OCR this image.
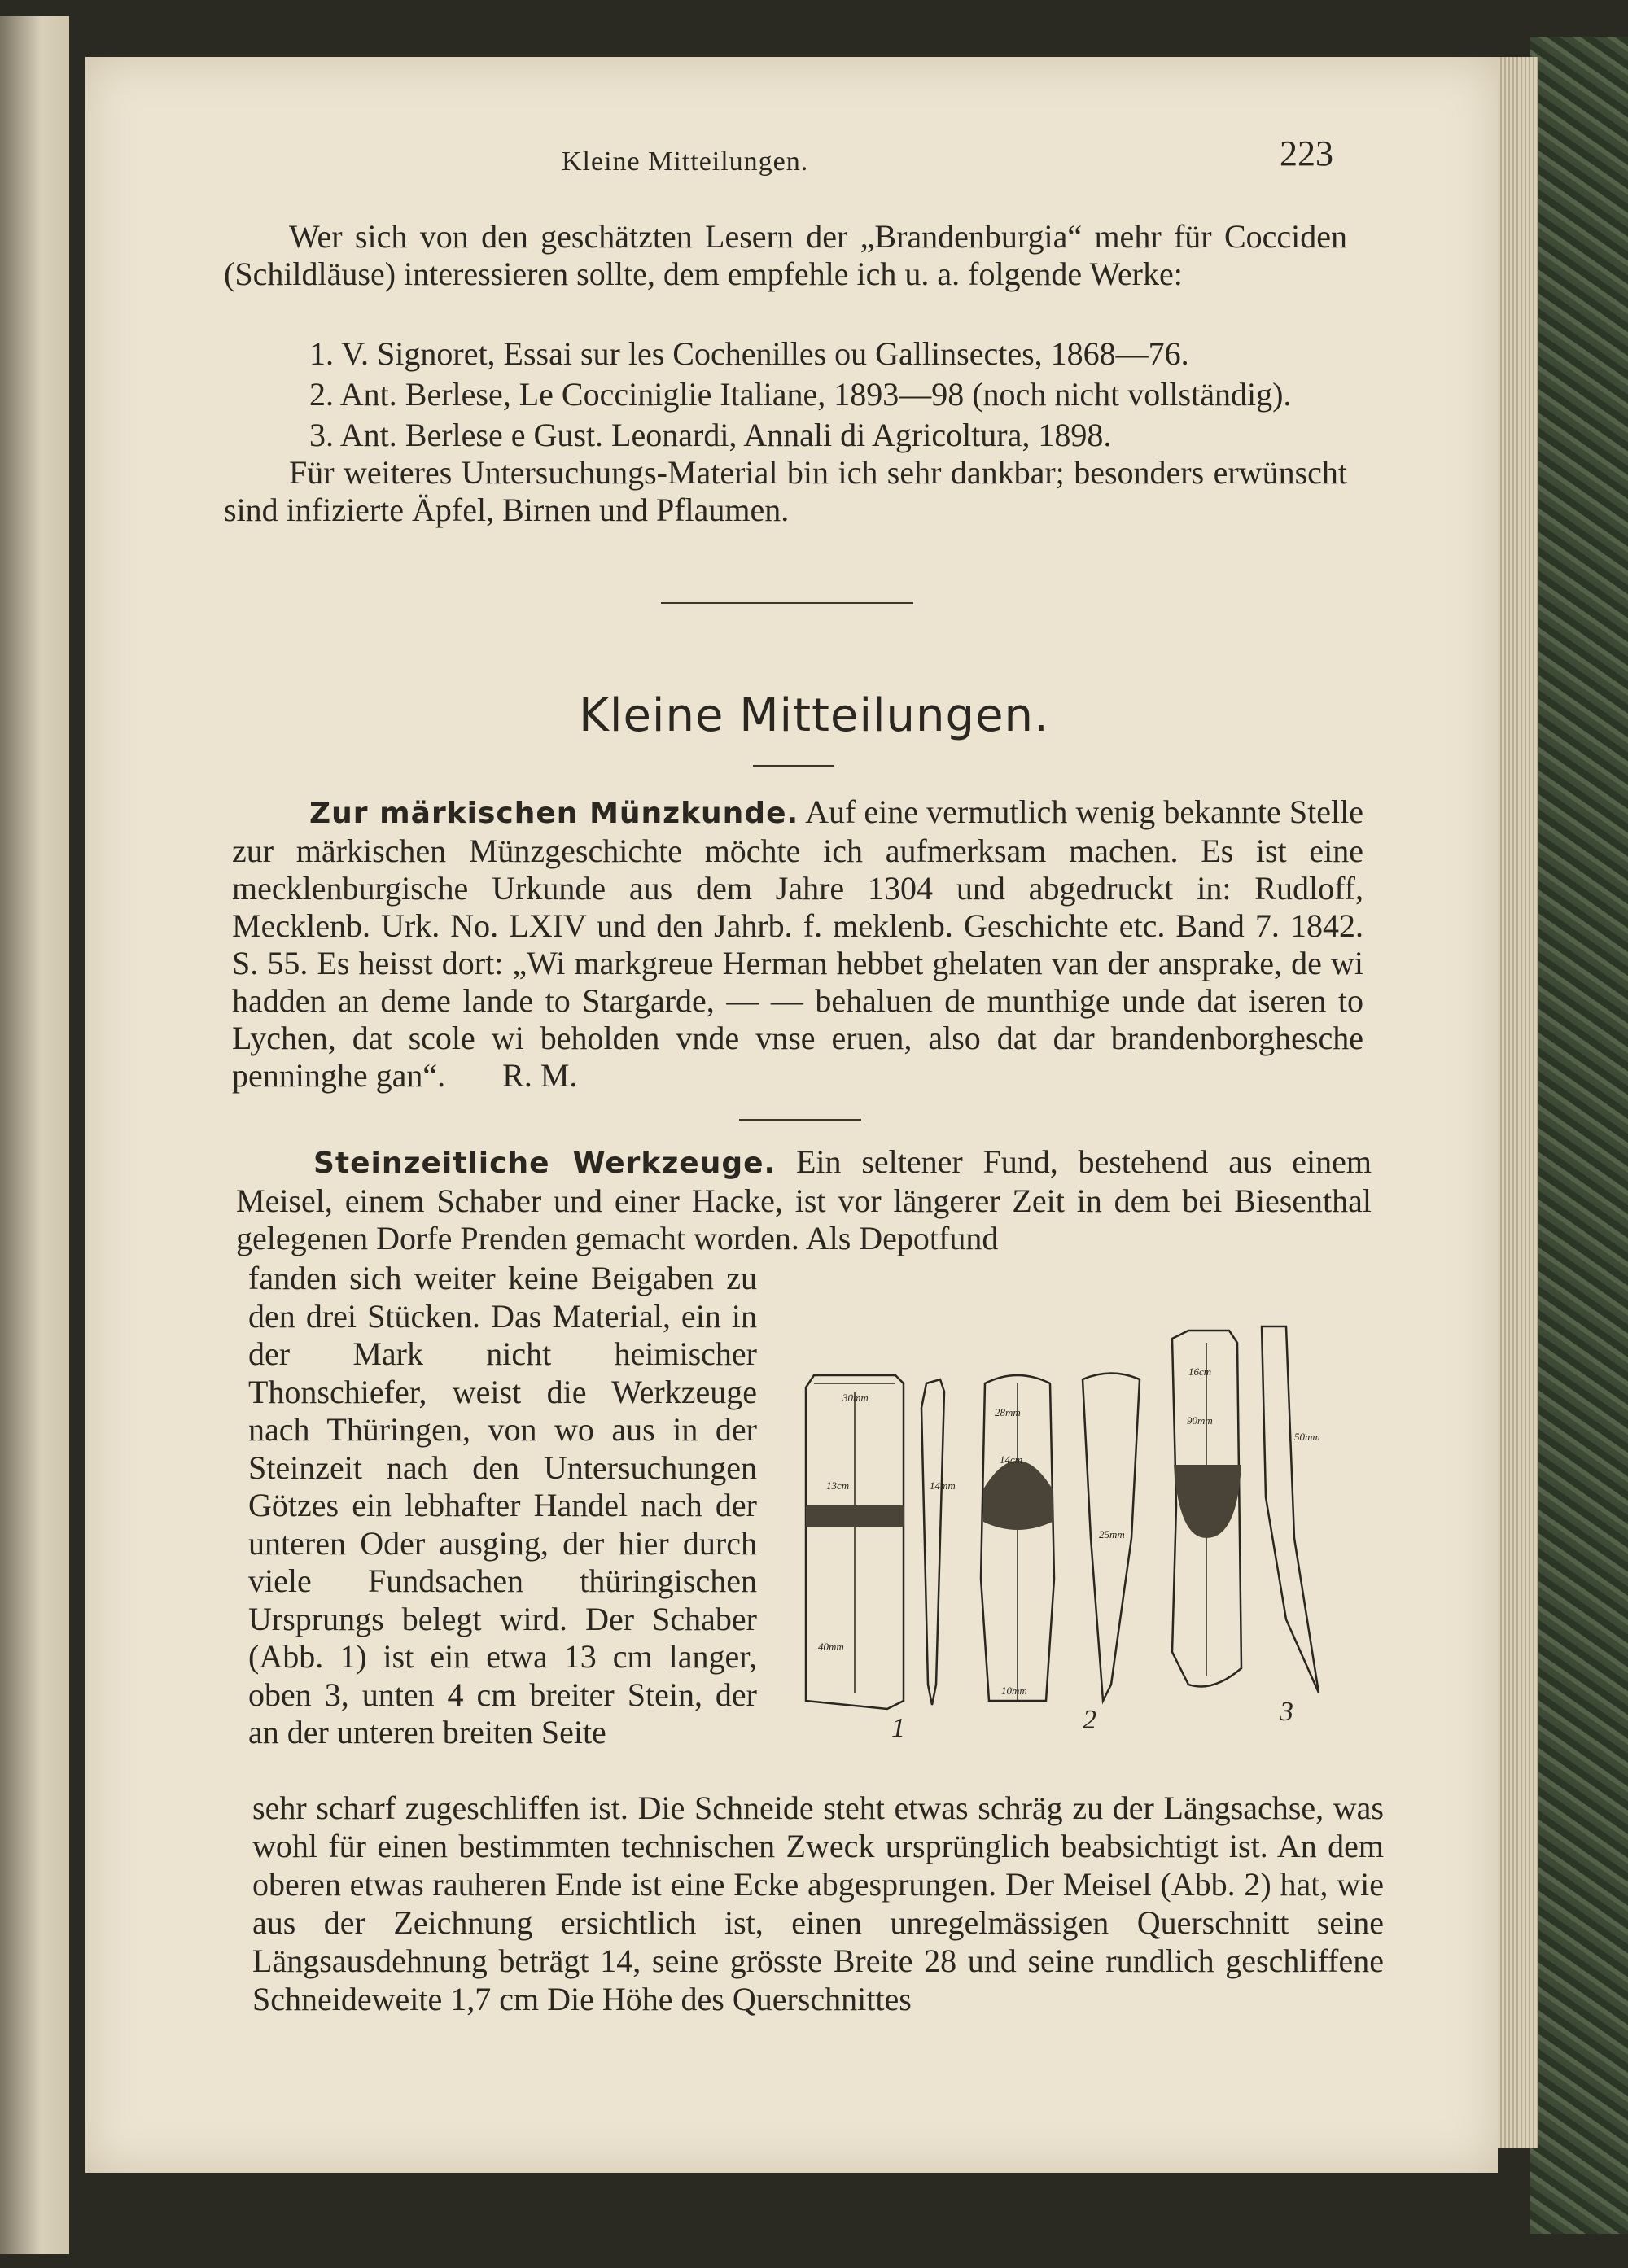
Kleine Mitteilungen.	223
Wer sich von den geschätzten Lesern der „Brandenburgia“ mehr für Cocciden (Schildläuse) interessieren sollte, dem empfehle ich u. a. folgende Werke:
1. V. Signoret, Essai sur les Cochenilles ou Gallinsectes, 1868—76.
2. Ant. Berlese, Le Cocciniglie Italiane, 1893—98 (noch nicht vollständig).
3. Ant. Berlese e Gust. Leonardi, Annali di Agricoltura, 1898.
Für weiteres Untersuchungs-Material bin ich sehr dankbar; besonders erwünscht sind infizierte Äpfel, Birnen und Pflaumen.
Kleine Mitteilungen.
Zur märkischen Münzkunde. Auf eine vermutlich wenig bekannte Stelle zur märkischen Münzgeschichte möchte ich aufmerksam machen. Es ist eine mecklenburgische Urkunde aus dem Jahre 1304 und abgedruckt in: Rudloff, Mecklenb. Urk. No. LXIV und den Jahrb. f. meklenb. Geschichte etc. Band 7. 1842. S. 55. Es heisst dort: „Wi markgreue Herman hebbet ghelaten van der ansprake, de wi hadden an deme lande to Stargarde, — — behaluen de munthige unde dat iseren to Lychen, dat scole wi beholden vnde vnse eruen, also dat dar brandenborghesche penninghe gan“. R. M.
Steinzeitliche Werkzeuge. Ein seltener Fund, bestehend aus einem Meisel, einem Schaber und einer Hacke, ist vor längerer Zeit in dem bei Biesenthal gelegenen Dorfe Prenden gemacht worden. Als Depotfund
fanden sich weiter keine Beigaben zu den drei Stücken. Das Material, ein in der Mark nicht heimischer Thonschiefer, weist die Werkzeuge nach Thüringen, von wo aus in der Steinzeit nach den Untersuchungen Götzes ein lebhafter Handel nach der unteren Oder ausging, der hier durch viele Fundsachen thüringischen Ursprungs belegt wird. Der Schaber (Abb. 1) ist ein etwa 13 cm langer, oben 3, unten 4 cm breiter Stein, der an der unteren breiten Seite
sehr scharf zugeschliffen ist. Die Schneide steht etwas schräg zu der Längsachse, was wohl für einen bestimmten technischen Zweck ursprünglich beabsichtigt ist. An dem oberen etwas rauheren Ende ist eine Ecke abgesprungen. Der Meisel (Abb. 2) hat, wie aus der Zeichnung ersichtlich ist, einen unregelmässigen Querschnitt seine Längsausdehnung beträgt 14, seine grösste Breite 28 und seine rundlich geschliffene Schneideweite 1,7 cm Die Höhe des Querschnittes
30mm
13cm
40mm
14mm
28mm
14cm
25mm
10mm
16cm
90mm
50mm
1	2	3
